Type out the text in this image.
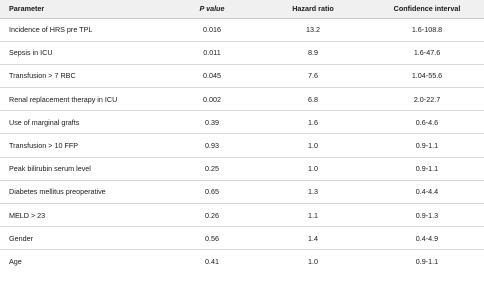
Parameter	P value	Hazard ratio	Confidence interval
Incidence of HRS pre TPL	0.016	13.2	1.6-108.8
Sepsis in ICU	0.011	8.9	1.6-47.6
Transfusion > 7 RBC	0.045	7.6	1.04-55.6
Renal replacement therapy in ICU	0.002	6.8	2.0-22.7
Use of marginal grafts	0.39	1.6	0.6-4.6
Transfusion > 10 FFP	0.93	1.0	0.9-1.1
Peak bilirubin serum level	0.25	1.0	0.9-1.1
Diabetes mellitus preoperative	0.65	1.3	0.4-4.4
MELD > 23	0.26	1.1	0.9-1.3
Gender	0.56	1.4	0.4-4.9
Age	0.41	1.0	0.9-1.1
